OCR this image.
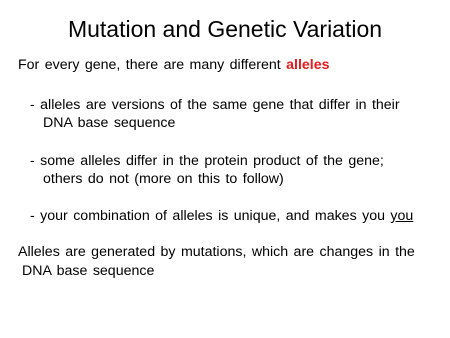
Mutation and Genetic Variation
For every gene, there are many different alleles
- alleles are versions of the same gene that differ in their
DNA base sequence
- some alleles differ in the protein product of the gene;
others do not (more on this to follow)
- your combination of alleles is unique, and makes you you
Alleles are generated by mutations, which are changes in the
DNA base sequence
